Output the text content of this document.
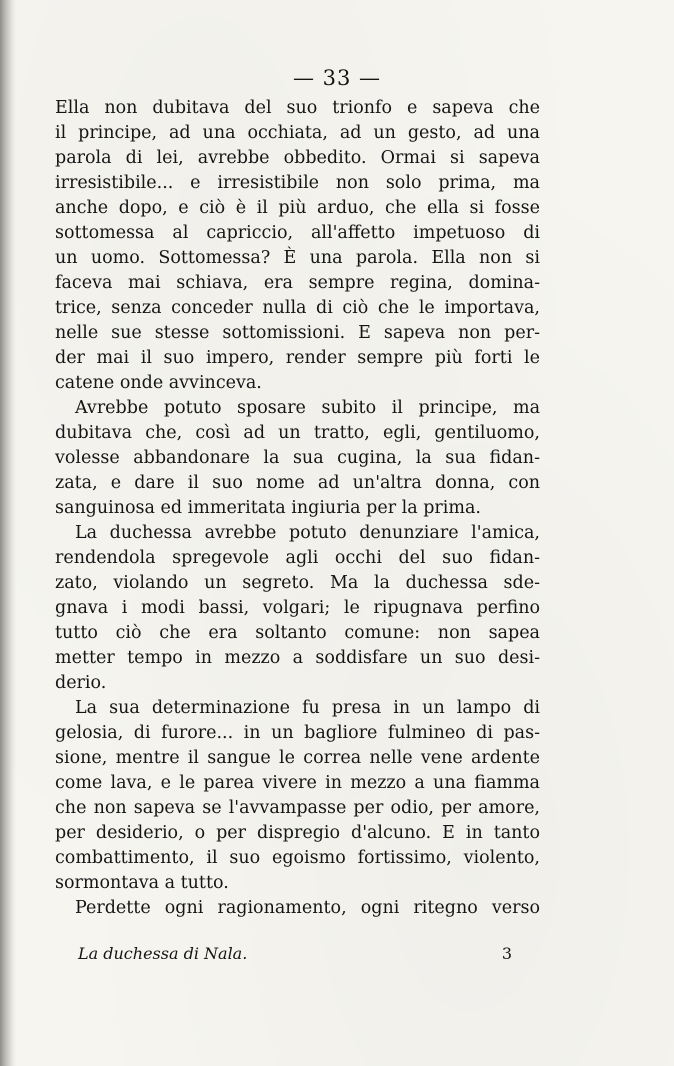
— 33 —
Ella non dubitava del suo trionfo e sapeva che
il principe, ad una occhiata, ad un gesto, ad una
parola di lei, avrebbe obbedito. Ormai si sapeva
irresistibile... e irresistibile non solo prima, ma
anche dopo, e ciò è il più arduo, che ella si fosse
sottomessa al capriccio, all'affetto impetuoso di
un uomo. Sottomessa? È una parola. Ella non si
faceva mai schiava, era sempre regina, domina-
trice, senza conceder nulla di ciò che le importava,
nelle sue stesse sottomissioni. E sapeva non per-
der mai il suo impero, render sempre più forti le
catene onde avvinceva.
Avrebbe potuto sposare subito il principe, ma
dubitava che, così ad un tratto, egli, gentiluomo,
volesse abbandonare la sua cugina, la sua fidan-
zata, e dare il suo nome ad un'altra donna, con
sanguinosa ed immeritata ingiuria per la prima.
La duchessa avrebbe potuto denunziare l'amica,
rendendola spregevole agli occhi del suo fidan-
zato, violando un segreto. Ma la duchessa sde-
gnava i modi bassi, volgari; le ripugnava perfino
tutto ciò che era soltanto comune: non sapea
metter tempo in mezzo a soddisfare un suo desi-
derio.
La sua determinazione fu presa in un lampo di
gelosia, di furore... in un bagliore fulmineo di pas-
sione, mentre il sangue le correa nelle vene ardente
come lava, e le parea vivere in mezzo a una fiamma
che non sapeva se l'avvampasse per odio, per amore,
per desiderio, o per dispregio d'alcuno. E in tanto
combattimento, il suo egoismo fortissimo, violento,
sormontava a tutto.
Perdette ogni ragionamento, ogni ritegno verso
La duchessa di Nala.	3
